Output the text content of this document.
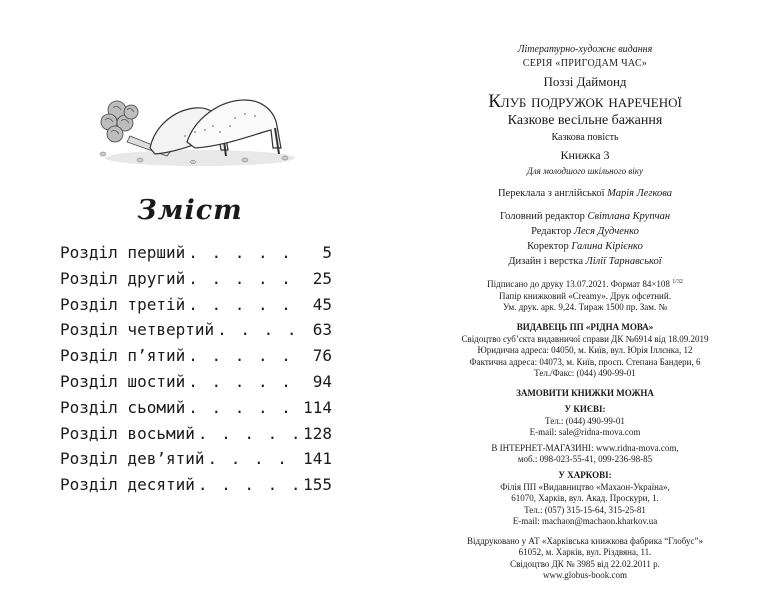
Зміст
Розділ перший . . .	5
Розділ другий . . .	25
Розділ третій . . .	45
Розділ четвертий . . .	63
Розділ п’ятий . . .	76
Розділ шостий . . .	94
Розділ сьомий . . .	114
Розділ восьмий . . .	128
Розділ дев’ятий . . .	141
Розділ десятий . . .	155
Літературно-художнє видання
СЕРІЯ «ПРИГОДАМ ЧАС»
Поззі Даймонд
Клуб подружок нареченої
Казкове весільне бажання
Казкова повість
Книжка 3
Для молодшого шкільного віку
Переклала з англійської Марія Легкова
Головний редактор Світлана Крупчан
Редактор Леся Дудченко
Коректор Галина Кірієнко
Дизайн і верстка Лілії Тарнавської
Підписано до друку 13.07.2021. Формат 84×108 $^{1/32}$
Папір книжковий «Creamy». Друк офсетний.
Ум. друк. арк. 9,24. Тираж 1500 пр. Зам. №
ВИДАВЕЦЬ ПП «РІДНА МОВА»
Свідоцтво суб’єкта видавничої справи ДК №6914 від 18.09.2019
Юридична адреса: 04050, м. Київ, вул. Юрія Іллєнка, 12
Фактична адреса: 04073, м. Київ, просп. Степана Бандери, 6
Тел./Факс: (044) 490-99-01
ЗАМОВИТИ КНИЖКИ МОЖНА
У КИЄВІ:
Тел.: (044) 490-99-01
E-mail: sale@ridna-mova.com
В ІНТЕРНЕТ-МАГАЗИНІ: www.ridna-mova.com,
моб.: 098-023-55-41, 099-236-98-85
У ХАРКОВІ:
Філія ПП «Видавництво «Махаон-Україна»,
61070, Харків, вул. Акад. Проскури, 1.
Тел.: (057) 315-15-64, 315-25-81
E-mail: machaon@machaon.kharkov.ua
Віддруковано у АТ «Харківська книжкова фабрика “Глобус”»
61052, м. Харків, вул. Різдвяна, 11.
Свідоцтво ДК № 3985 від 22.02.2011 р.
www.globus-book.com
